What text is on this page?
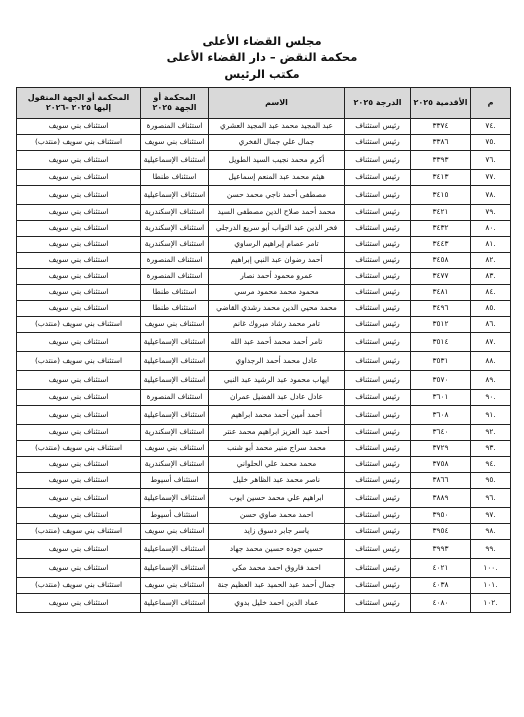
مجلس القضاء الأعلى
محكمة النقض – دار القضاء الأعلى
مكتب الرئيس
م	الأقدمية ٢٠٢٥	الدرجة ٢٠٢٥	الاسم	المحكمة أو الجهة ٢٠٢٥	المحكمة أو الجهة المنقول إليها ٢٠٢٥ -٢٠٢٦
.٧٤	٣٣٧٤	رئيس استئناف	عبد المجيد محمد عبد المجيد العشري	استئناف المنصورة	استئناف بني سويف
.٧٥	٣٣٨٦	رئيس استئناف	جمال علي جمال الفخري	استئناف بني سويف	استئناف بني سويف (منتدب)
.٧٦	٣٣٩٣	رئيس استئناف	أكرم محمد نجيب السيد الطويل	استئناف الإسماعيلية	استئناف بني سويف
.٧٧	٣٤١٣	رئيس استئناف	هيثم محمد عبد المنعم إسماعيل	استئناف طنطا	استئناف بني سويف
.٧٨	٣٤١٥	رئيس استئناف	مصطفى أحمد ناجي محمد حسن	استئناف الإسماعيلية	استئناف بني سويف
.٧٩	٣٤٢١	رئيس استئناف	محمد أحمد صلاح الدين مصطفى السيد	استئناف الإسكندرية	استئناف بني سويف
.٨٠	٣٤٣٢	رئيس استئناف	فخر الدين عبد التواب أبو سريع الدرجلي	استئناف الإسكندرية	استئناف بني سويف
.٨١	٣٤٤٣	رئيس استئناف	تامر عصام إبراهيم الرساوي	استئناف الإسكندرية	استئناف بني سويف
.٨٢	٣٤٥٨	رئيس استئناف	أحمد رضوان عبد النبي إبراهيم	استئناف المنصورة	استئناف بني سويف
.٨٣	٣٤٧٧	رئيس استئناف	عمرو محمود أحمد نصار	استئناف المنصورة	استئناف بني سويف
.٨٤	٣٤٨١	رئيس استئناف	محمود محمد محمود مرسي	استئناف طنطا	استئناف بني سويف
.٨٥	٣٤٩٦	رئيس استئناف	محمد محيي الدين محمد رشدي القاضي	استئناف طنطا	استئناف بني سويف
.٨٦	٣٥١٢	رئيس استئناف	تامر محمد رشاد مبروك غانم	استئناف بني سويف	استئناف بني سويف (منتدب)
.٨٧	٣٥١٤	رئيس استئناف	تامر أحمد محمد أحمد عبد الله	استئناف الإسماعيلية	استئناف بني سويف
.٨٨	٣٥٣١	رئيس استئناف	عادل محمد أحمد الرجداوي	استئناف الإسماعيلية	استئناف بني سويف (منتدب)
.٨٩	٣٥٧٠	رئيس استئناف	ايهاب محمود عبد الرشيد عبد النبي	استئناف الإسماعيلية	استئناف بني سويف
.٩٠	٣٦٠١	رئيس استئناف	عادل عادل عبد الفضيل عمران	استئناف المنصورة	استئناف بني سويف
.٩١	٣٦٠٨	رئيس استئناف	أحمد أمين أحمد محمد ابراهيم	استئناف الإسماعيلية	استئناف بني سويف
.٩٢	٣٦٤٠	رئيس استئناف	أحمد عبد العزيز ابراهيم محمد عنتر	استئناف الإسكندرية	استئناف بني سويف
.٩٣	٣٧٢٩	رئيس استئناف	محمد سراج منير محمد أبو شنب	استئناف بني سويف	استئناف بني سويف (منتدب)
.٩٤	٣٧٥٨	رئيس استئناف	محمد محمد علي الحلواني	استئناف الإسكندرية	استئناف بني سويف
.٩٥	٣٨٦٦	رئيس استئناف	ناصر محمد عبد الظاهر خليل	استئناف أسيوط	استئناف بني سويف
.٩٦	٣٨٨٩	رئيس استئناف	ابراهيم علي محمد حسين ايوب	استئناف الإسماعيلية	استئناف بني سويف
.٩٧	٣٩٥٠	رئيس استئناف	احمد محمد صاوي حسن	استئناف أسيوط	استئناف بني سويف
.٩٨	٣٩٥٤	رئيس استئناف	ياسر جابر دسوق زايد	استئناف بني سويف	استئناف بني سويف (منتدب)
.٩٩	٣٩٩٣	رئيس استئناف	حسين جوده حسين محمد جهاد	استئناف الإسماعيلية	استئناف بني سويف
.١٠٠	٤٠٢١	رئيس استئناف	احمد فاروق احمد محمد مكي	استئناف الإسماعيلية	استئناف بني سويف
.١٠١	٤٠٣٨	رئيس استئناف	جمال أحمد عبد الحميد عبد العظيم جنة	استئناف بني سويف	استئناف بني سويف (منتدب)
.١٠٢	٤٠٨٠	رئيس استئناف	عماد الدين احمد خليل بدوي	استئناف الإسماعيلية	استئناف بني سويف
